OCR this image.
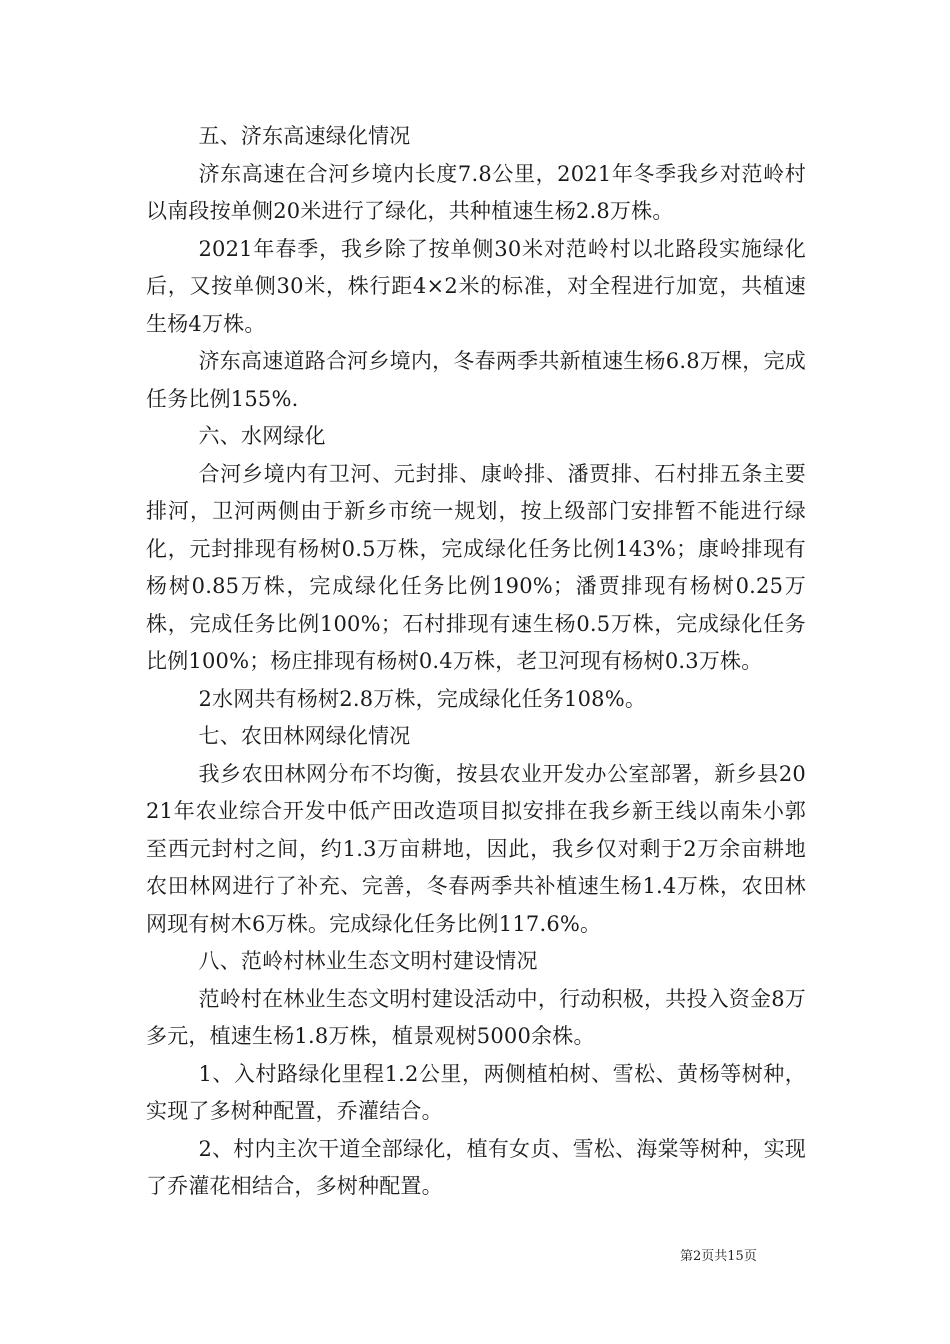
五、济东高速绿化情况

济东高速在合河乡境内长度7.8公里，2021年冬季我乡对范岭村以南段按单侧20米进行了绿化，共种植速生杨2.8万株。

2021年春季，我乡除了按单侧30米对范岭村以北路段实施绿化后，又按单侧30米，株行距4×2米的标准，对全程进行加宽，共植速生杨4万株。

济东高速道路合河乡境内，冬春两季共新植速生杨6.8万棵，完成任务比例155%.

六、水网绿化

合河乡境内有卫河、元封排、康岭排、潘贾排、石村排五条主要排河，卫河两侧由于新乡市统一规划，按上级部门安排暂不能进行绿化，元封排现有杨树0.5万株，完成绿化任务比例143%；康岭排现有杨树0.85万株，完成绿化任务比例190%；潘贾排现有杨树0.25万株，完成任务比例100%；石村排现有速生杨0.5万株，完成绿化任务比例100%；杨庄排现有杨树0.4万株，老卫河现有杨树0.3万株。

2水网共有杨树2.8万株，完成绿化任务108%。

七、农田林网绿化情况

我乡农田林网分布不均衡，按县农业开发办公室部署，新乡县2021年农业综合开发中低产田改造项目拟安排在我乡新王线以南朱小郭至西元封村之间，约1.3万亩耕地，因此，我乡仅对剩于2万余亩耕地农田林网进行了补充、完善，冬春两季共补植速生杨1.4万株，农田林网现有树木6万株。完成绿化任务比例117.6%。

八、范岭村林业生态文明村建设情况

范岭村在林业生态文明村建设活动中，行动积极，共投入资金8万多元，植速生杨1.8万株，植景观树5000余株。

1、入村路绿化里程1.2公里，两侧植柏树、雪松、黄杨等树种，实现了多树种配置，乔灌结合。

2、村内主次干道全部绿化，植有女贞、雪松、海棠等树种，实现了乔灌花相结合，多树种配置。

第2页共15页
